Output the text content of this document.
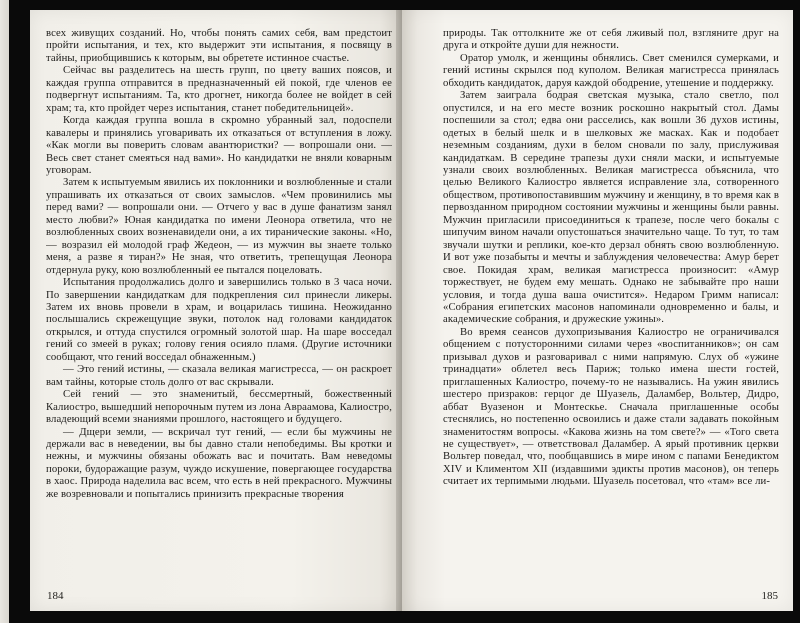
всех живущих созданий. Но, чтобы понять самих себя, вам предстоит пройти испытания, и тех, кто выдержит эти испытания, я посвящу в тайны, приобщившись к которым, вы обретете истинное счастье.

Сейчас вы разделитесь на шесть групп, по цвету ваших поясов, и каждая группа отправится в предназначенный ей покой, где членов ее подвергнут испытаниям. Та, кто дрогнет, никогда более не войдет в сей храм; та, кто пройдет через испытания, станет победительницей».

Когда каждая группа вошла в скромно убранный зал, подоспели кавалеры и принялись уговаривать их отказаться от вступления в ложу. «Как могли вы поверить словам авантюристки? — вопрошали они. — Весь свет станет смеяться над вами». Но кандидатки не вняли коварным уговорам.

Затем к испытуемым явились их поклонники и возлюбленные и стали упрашивать их отказаться от своих замыслов. «Чем провинились мы перед вами? — вопрошали они. — Отчего у вас в душе фанатизм занял место любви?» Юная кандидатка по имени Леонора ответила, что не возлюбленных своих возненавидели они, а их тиранические законы. «Но, — возразил ей молодой граф Жедеон, — из мужчин вы знаете только меня, а разве я тиран?» Не зная, что ответить, трепещущая Леонора отдернула руку, кою возлюбленный ее пытался поцеловать.

Испытания продолжались долго и завершились только в 3 часа ночи. По завершении кандидаткам для подкрепления сил принесли ликеры. Затем их вновь провели в храм, и воцарилась тишина. Неожиданно послышались скрежещущие звуки, потолок над головами кандидаток открылся, и оттуда спустился огромный золотой шар. На шаре восседал гений со змеей в руках; голову гения осияло пламя. (Другие источники сообщают, что гений восседал обнаженным.)

— Это гений истины, — сказала великая магистресса, — он раскроет вам тайны, которые столь долго от вас скрывали.

Сей гений — это знаменитый, бессмертный, божественный Калиостро, вышедший непорочным путем из лона Авраамова, Калиостро, владеющий всеми знаниями прошлого, настоящего и будущего.

— Дщери земли, — вскричал тут гений, — если бы мужчины не держали вас в неведении, вы бы давно стали непобедимы. Вы кротки и нежны, и мужчины обязаны обожать вас и почитать. Вам неведомы пороки, будоражащие разум, чуждо искушение, повергающее государства в хаос. Природа наделила вас всем, что есть в ней прекрасного. Мужчины же возревновали и попытались принизить прекрасные творения

184

природы. Так оттолкните же от себя лживый пол, взгляните друг на друга и откройте души для нежности.

Оратор умолк, и женщины обнялись. Свет сменился сумерками, и гений истины скрылся под куполом. Великая магистресса принялась обходить кандидаток, даруя каждой ободрение, утешение и поддержку.

Затем заиграла бодрая светская музыка, стало светло, пол опустился, и на его месте возник роскошно накрытый стол. Дамы поспешили за стол; едва они расселись, как вошли 36 духов истины, одетых в белый шелк и в шелковых же масках. Как и подобает неземным созданиям, духи в белом сновали по залу, прислуживая кандидаткам. В середине трапезы духи сняли маски, и испытуемые узнали своих возлюбленных. Великая магистресса объяснила, что целью Великого Калиостро является исправление зла, сотворенного обществом, противопоставившим мужчину и женщину, в то время как в первозданном природном состоянии мужчины и женщины были равны. Мужчин пригласили присоединиться к трапезе, после чего бокалы с шипучим вином начали опустошаться значительно чаще. То тут, то там звучали шутки и реплики, кое-кто дерзал обнять свою возлюбленную. И вот уже позабыты и мечты и заблуждения человечества: Амур берет свое. Покидая храм, великая магистресса произносит: «Амур торжествует, не будем ему мешать. Однако не забывайте про наши условия, и тогда душа ваша очистится». Недаром Гримм написал: «Собрания египетских масонов напоминали одновременно и балы, и академические собрания, и дружеские ужины».

Во время сеансов духопризывания Калиостро не ограничивался общением с потусторонними силами через «воспитанников»; он сам призывал духов и разговаривал с ними напрямую. Слух об «ужине тринадцати» облетел весь Париж; только имена шести гостей, приглашенных Калиостро, почему-то не назывались. На ужин явились шестеро призраков: герцог де Шуазель, Даламбер, Вольтер, Дидро, аббат Вуазенон и Монтескье. Сначала приглашенные особы стеснялись, но постепенно освоились и даже стали задавать покойным знаменитостям вопросы. «Какова жизнь на том свете?» — «Того света не существует», — ответствовал Даламбер. А ярый противник церкви Вольтер поведал, что, пообщавшись в мире ином с папами Бенедиктом XIV и Климентом XII (издавшими эдикты против масонов), он теперь считает их терпимыми людьми. Шуазель посетовал, что «там» все ли-

185
